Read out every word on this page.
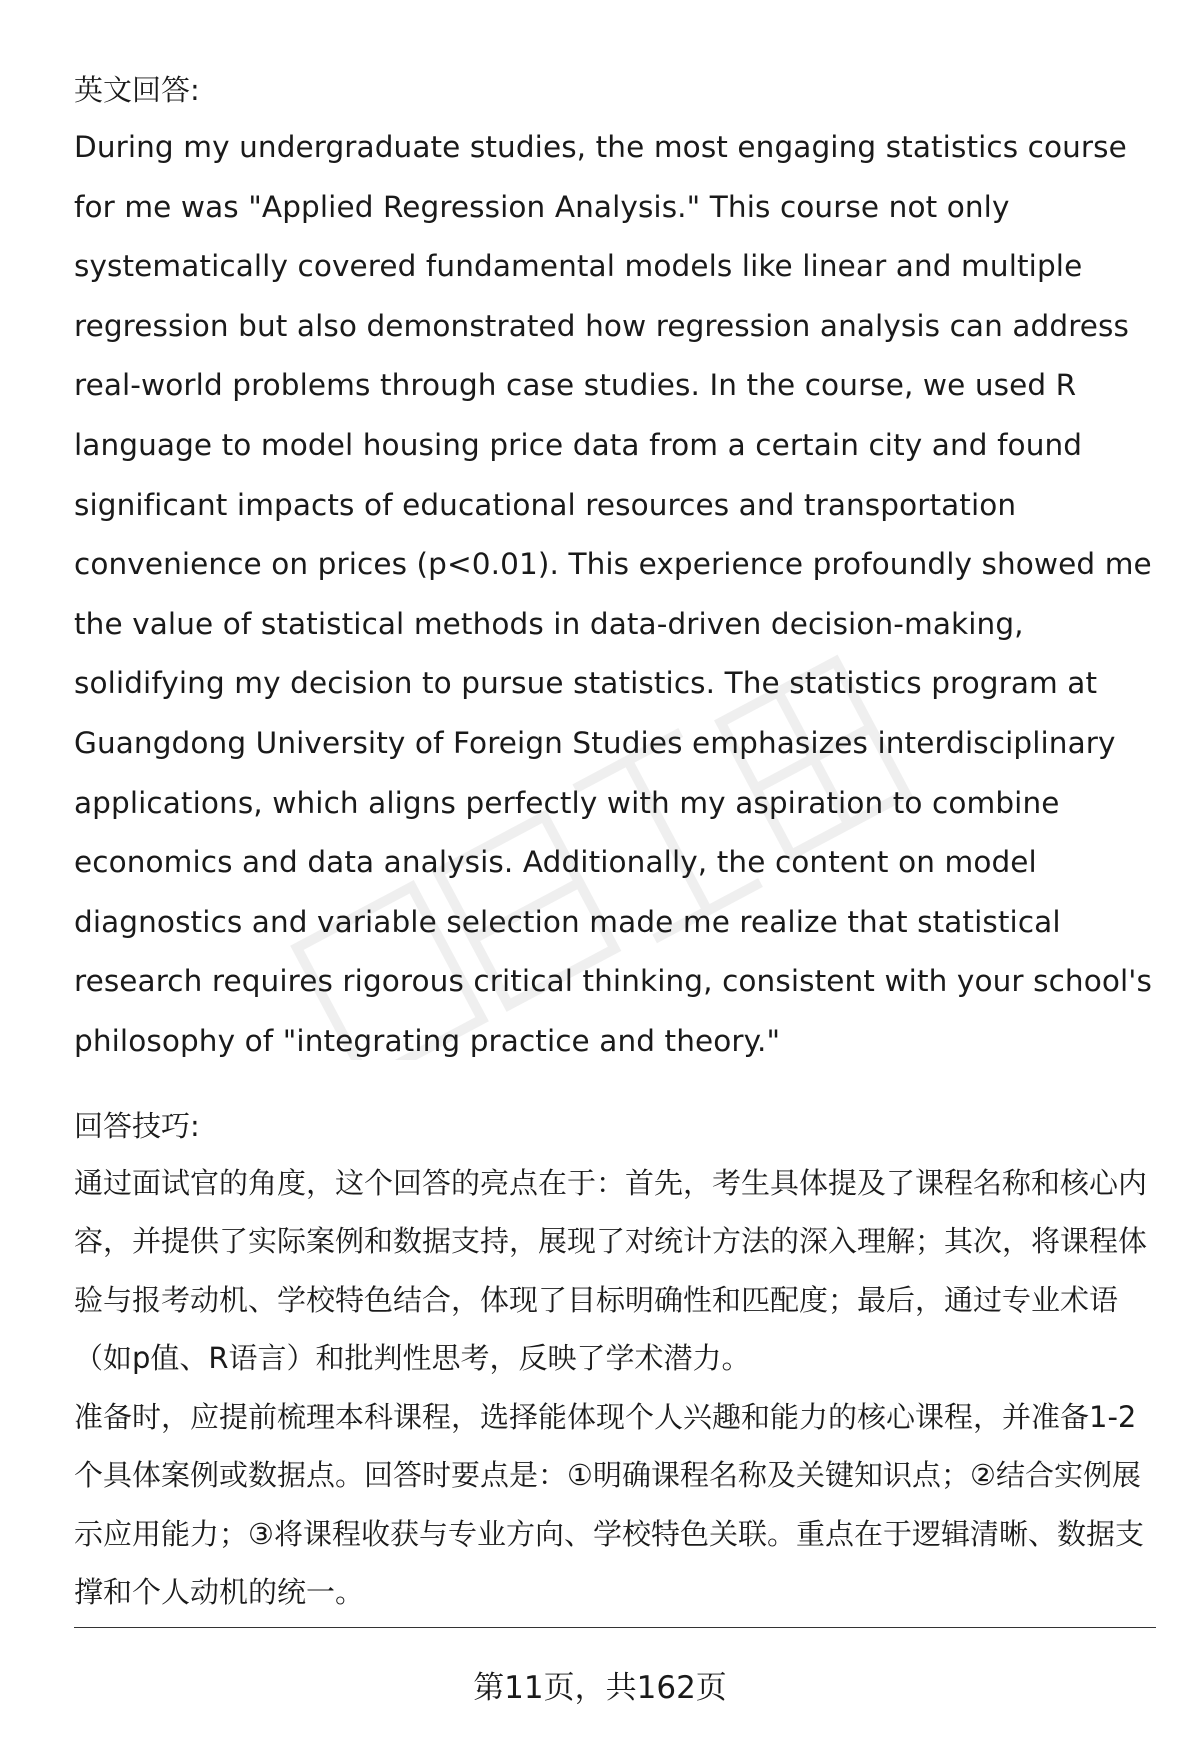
英文回答:

During my undergraduate studies, the most engaging statistics course for me was "Applied Regression Analysis." This course not only systematically covered fundamental models like linear and multiple regression but also demonstrated how regression analysis can address real-world problems through case studies. In the course, we used R language to model housing price data from a certain city and found significant impacts of educational resources and transportation convenience on prices (p<0.01). This experience profoundly showed me the value of statistical methods in data-driven decision-making, solidifying my decision to pursue statistics. The statistics program at Guangdong University of Foreign Studies emphasizes interdisciplinary applications, which aligns perfectly with my aspiration to combine economics and data analysis. Additionally, the content on model diagnostics and variable selection made me realize that statistical research requires rigorous critical thinking, consistent with your school's philosophy of "integrating practice and theory."

回答技巧:

通过面试官的角度，这个回答的亮点在于：首先，考生具体提及了课程名称和核心内容，并提供了实际案例和数据支持，展现了对统计方法的深入理解；其次，将课程体验与报考动机、学校特色结合，体现了目标明确性和匹配度；最后，通过专业术语（如p值、R语言）和批判性思考，反映了学术潜力。

准备时，应提前梳理本科课程，选择能体现个人兴趣和能力的核心课程，并准备1-2个具体案例或数据点。回答时要点是：①明确课程名称及关键知识点；②结合实例展示应用能力；③将课程收获与专业方向、学校特色关联。重点在于逻辑清晰、数据支撑和个人动机的统一。

第11页，共162页
